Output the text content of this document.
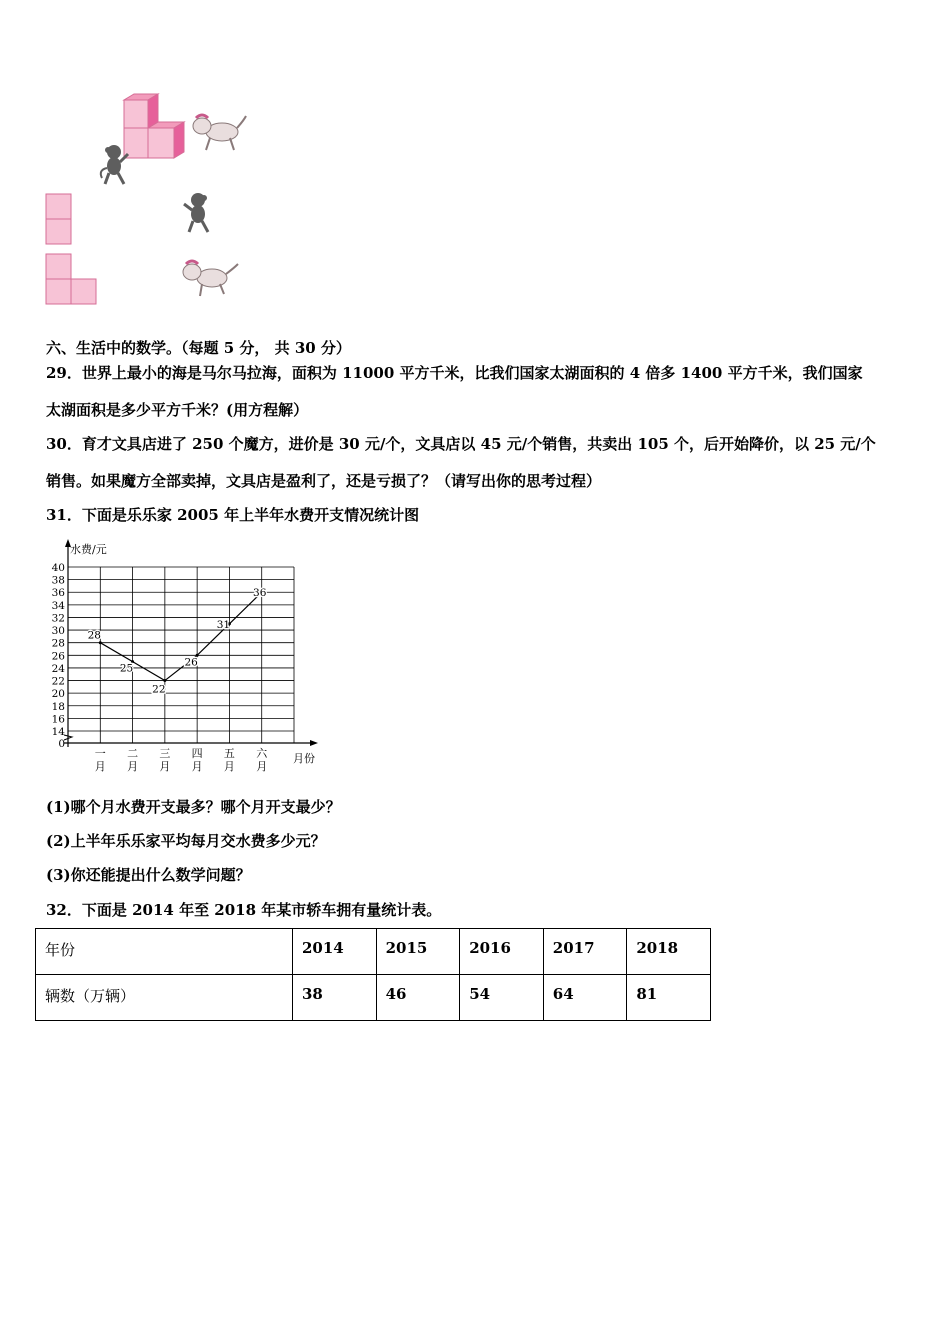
六、生活中的数学。（每题 5 分， 共 30 分）
29．世界上最小的海是马尔马拉海，面积为 11000 平方千米，比我们国家太湖面积的 4 倍多 1400 平方千米，我们国家
太湖面积是多少平方千米？(用方程解）
30．育才文具店进了 250 个魔方，进价是 30 元/个，文具店以 45 元/个销售，共卖出 105 个，后开始降价，以 25 元/个
销售。如果魔方全部卖掉，文具店是盈利了，还是亏损了？（请写出你的思考过程）
31．下面是乐乐家 2005 年上半年水费开支情况统计图
0
14
16
18
20
22
24
26
28
30
32
34
36
38
40
一
月
二
月
三
月
四
月
五
月
六
月
28
25
22
26
31
36
水费/元
月份
(1)哪个月水费开支最多？哪个月开支最少？
(2)上半年乐乐家平均每月交水费多少元？
(3)你还能提出什么数学问题？
32．下面是 2014 年至 2018 年某市轿车拥有量统计表。
年份	2014	2015	2016	2017	2018
辆数（万辆）	38	46	54	64	81
